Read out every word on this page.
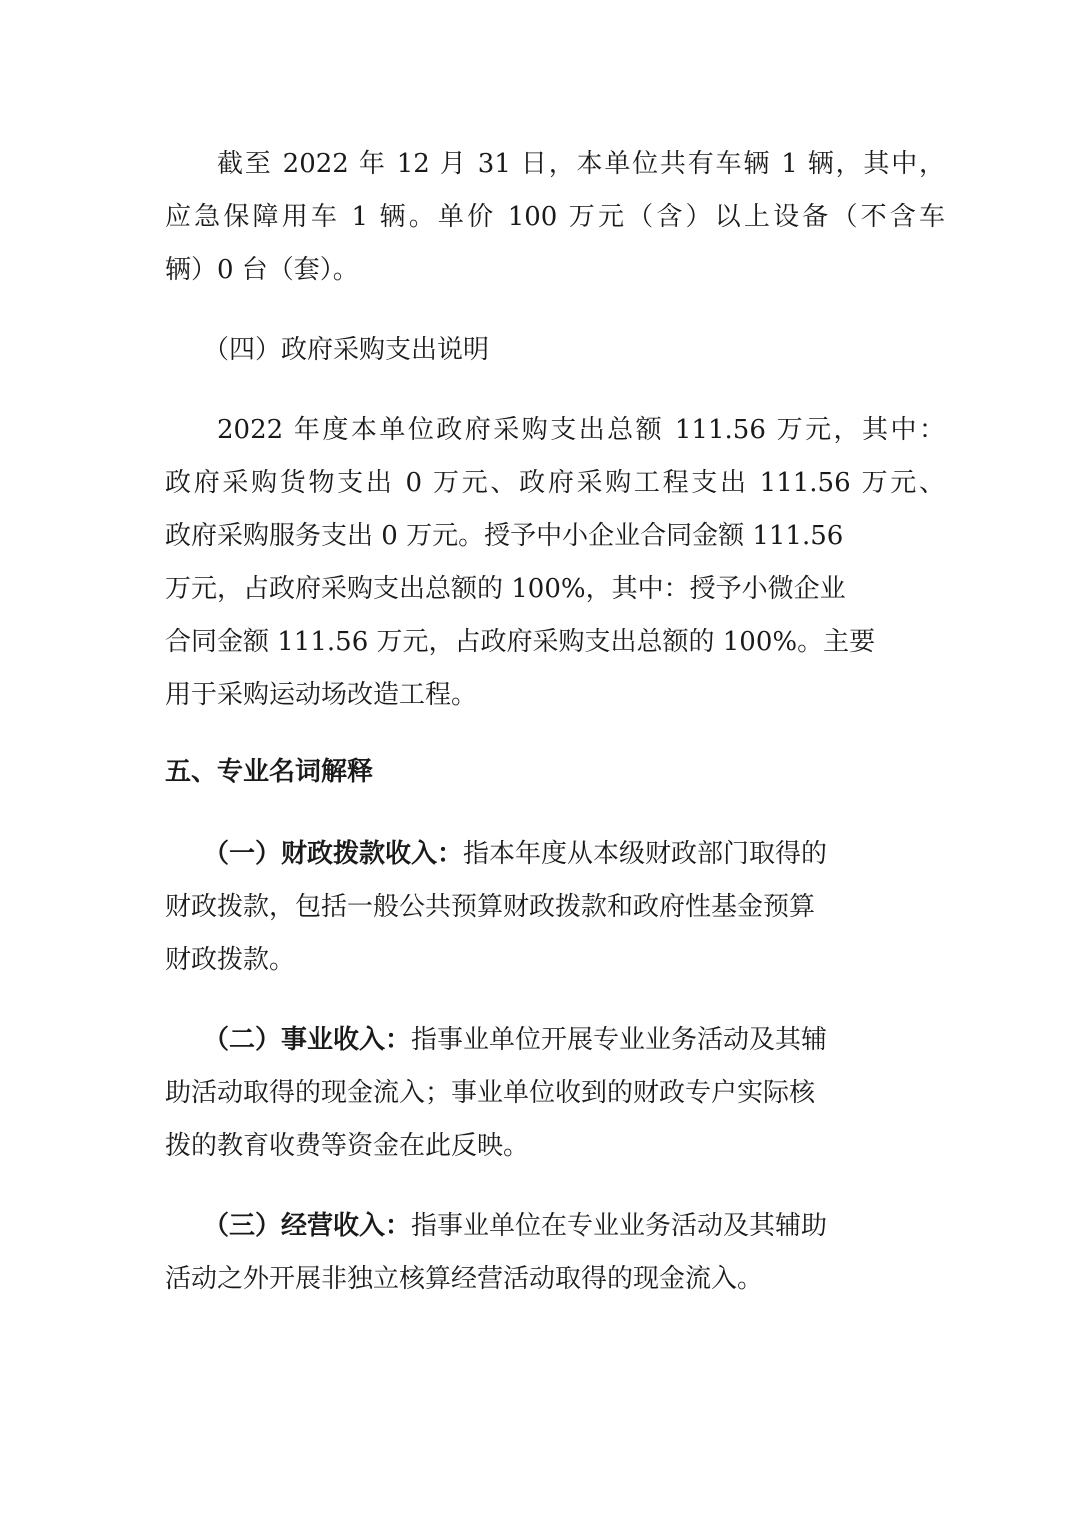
截至 2022 年 12 月 31 日，本单位共有车辆 1 辆，其中，
应急保障用车 1 辆。单价 100 万元（含）以上设备（不含车
辆）0 台（套）。
（四）政府采购支出说明
2022 年度本单位政府采购支出总额 111.56 万元，其中：
政府采购货物支出 0 万元、政府采购工程支出 111.56 万元、
政府采购服务支出 0 万元。授予中小企业合同金额 111.56
万元，占政府采购支出总额的 100%，其中：授予小微企业
合同金额 111.56 万元，占政府采购支出总额的 100%。主要
用于采购运动场改造工程。
五、专业名词解释
（一）财政拨款收入：指本年度从本级财政部门取得的
财政拨款，包括一般公共预算财政拨款和政府性基金预算
财政拨款。
（二）事业收入：指事业单位开展专业业务活动及其辅
助活动取得的现金流入；事业单位收到的财政专户实际核
拨的教育收费等资金在此反映。
（三）经营收入：指事业单位在专业业务活动及其辅助
活动之外开展非独立核算经营活动取得的现金流入。
